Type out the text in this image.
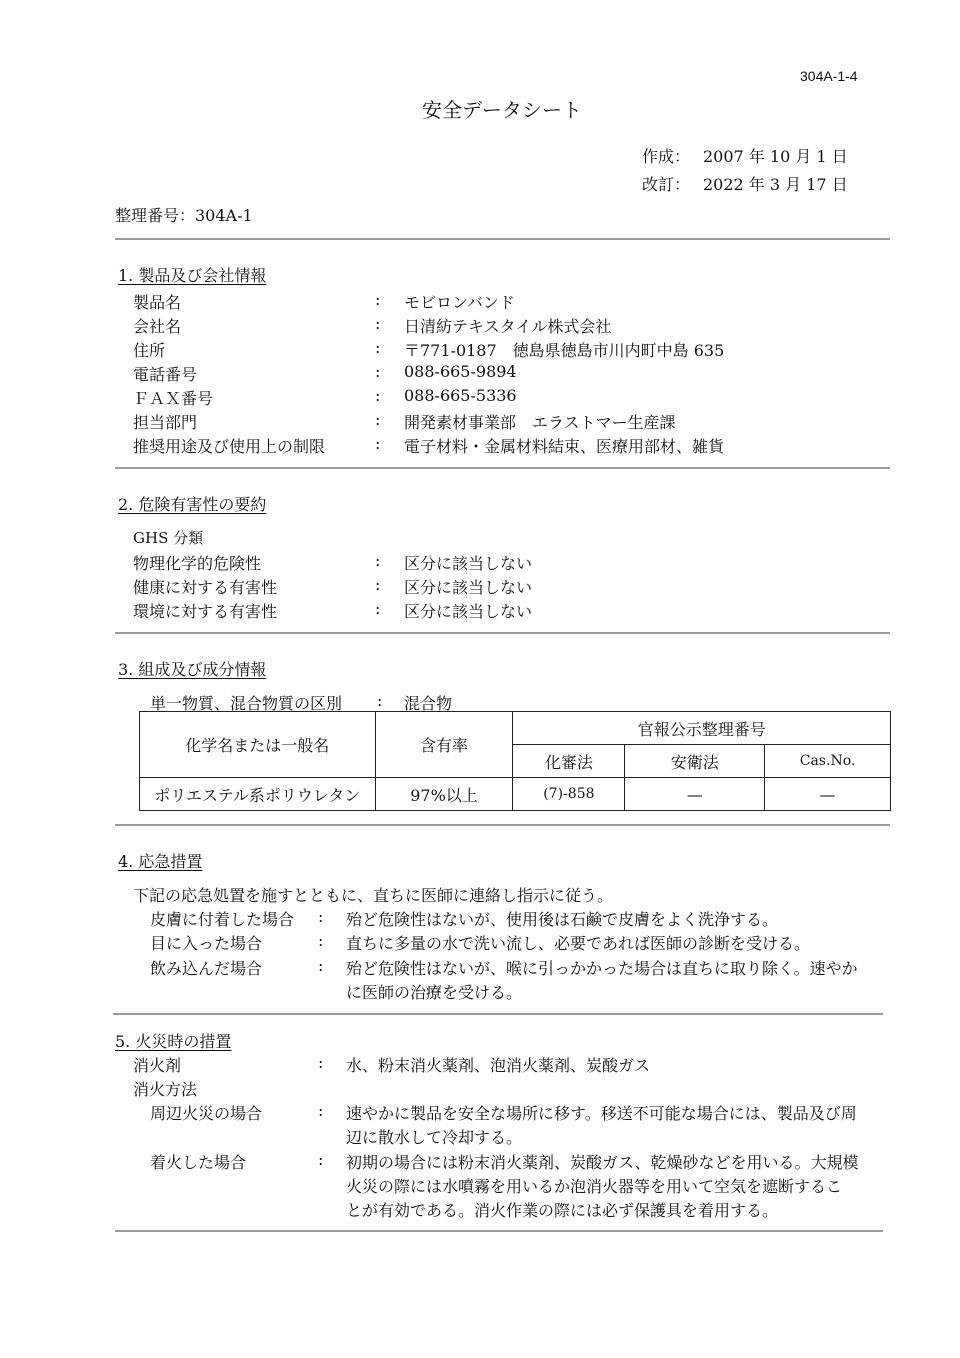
304A-1-4
安全データシート
作成： 2007 年 10 月 1 日
改訂： 2022 年 3 月 17 日
整理番号：304A-1
1. 製品及び会社情報
製品名	: モビロンバンド
会社名	: 日清紡テキスタイル株式会社
住所	: 〒771-0187　徳島県徳島市川内町中島 635
電話番号	: 088-665-9894
ＦＡＸ番号	: 088-665-5336
担当部門	: 開発素材事業部　エラストマー生産課
推奨用途及び使用上の制限	: 電子材料・金属材料結束、医療用部材、雑貨
2. 危険有害性の要約
GHS 分類
物理化学的危険性	: 区分に該当しない
健康に対する有害性	: 区分に該当しない
環境に対する有害性	: 区分に該当しない
3. 組成及び成分情報
単一物質、混合物質の区別 : 混合物
化学名または一般名	含有率	官報公示整理番号		
		化審法	安衛法	Cas.No.
ポリエステル系ポリウレタン	97%以上	(7)-858	—	—
4. 応急措置
下記の応急処置を施すとともに、直ちに医師に連絡し指示に従う。
皮膚に付着した場合 : 殆ど危険性はないが、使用後は石鹸で皮膚をよく洗浄する。
目に入った場合	: 直ちに多量の水で洗い流し、必要であれば医師の診断を受ける。
飲み込んだ場合	: 殆ど危険性はないが、喉に引っかかった場合は直ちに取り除く。速やか
に医師の治療を受ける。
5. 火災時の措置
消火剤	: 水、粉末消火薬剤、泡消火薬剤、炭酸ガス
消火方法
周辺火災の場合	: 速やかに製品を安全な場所に移す。移送不可能な場合には、製品及び周
辺に散水して冷却する。
着火した場合	: 初期の場合には粉末消火薬剤、炭酸ガス、乾燥砂などを用いる。大規模
火災の際には水噴霧を用いるか泡消火器等を用いて空気を遮断するこ
とが有効である。消火作業の際には必ず保護具を着用する。
